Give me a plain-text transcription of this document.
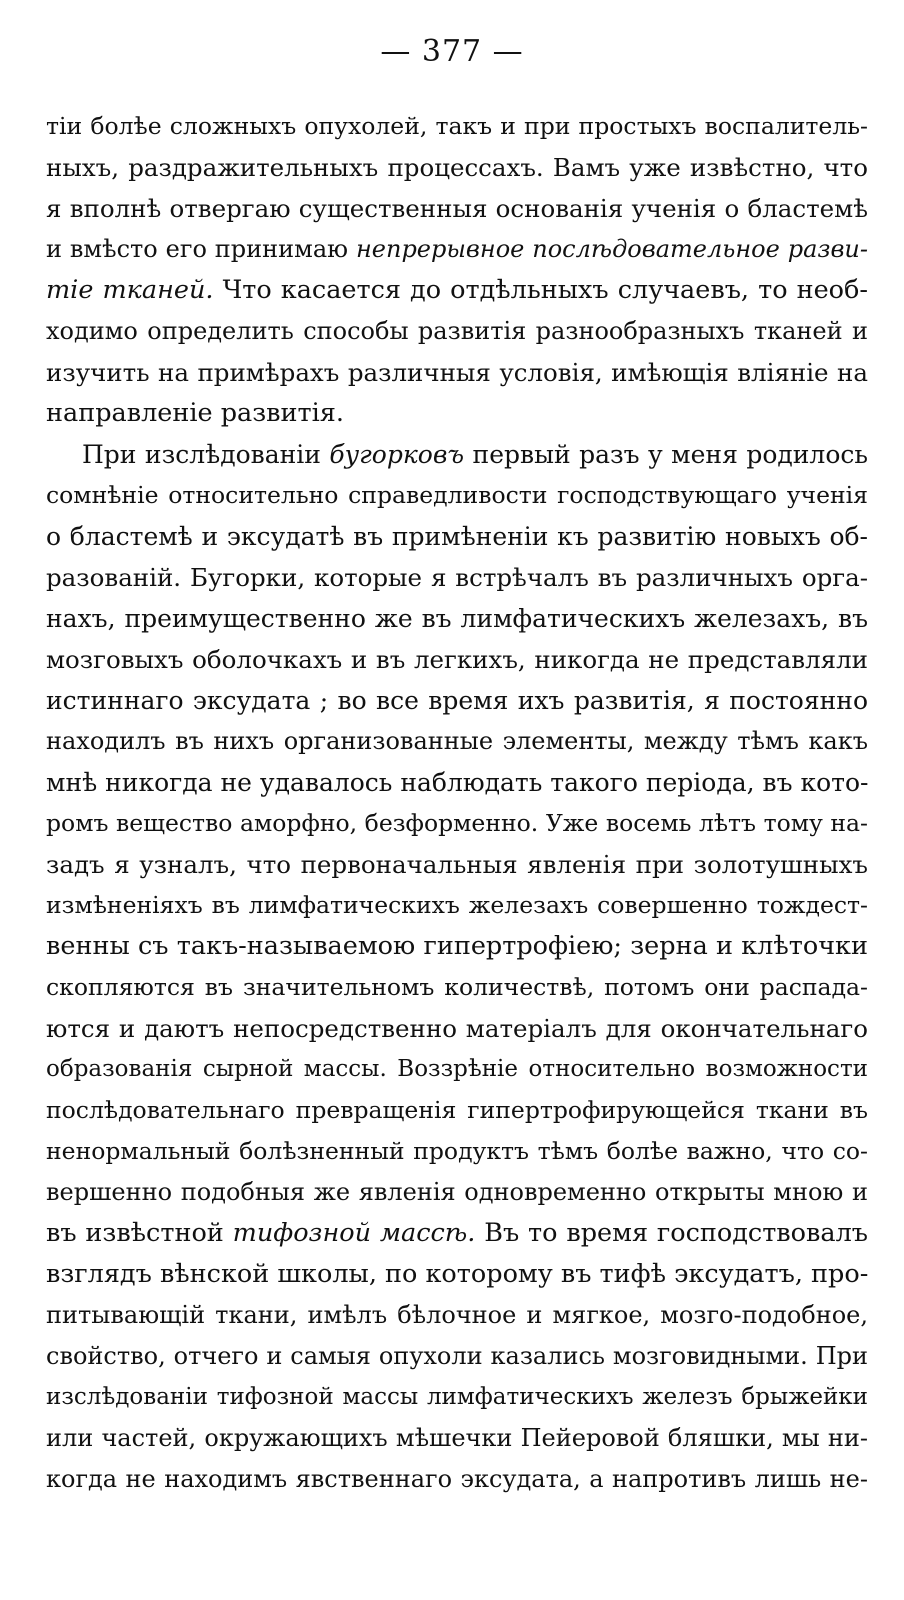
— 377 —
тіи болѣе сложныхъ опухолей, такъ и при простыхъ воспалитель-
ныхъ, раздражительныхъ процессахъ. Вамъ уже извѣстно, что
я вполнѣ отвергаю существенныя основанія ученія о бластемѣ
и вмѣсто его принимаю непрерывное послѣдовательное разви-
тіе тканей. Что касается до отдѣльныхъ случаевъ, то необ-
ходимо определить способы развитія разнообразныхъ тканей и
изучить на примѣрахъ различныя условія, имѣющія вліяніе на
направленіе развитія.
При изслѣдованіи бугорковъ первый разъ у меня родилось
сомнѣніе относительно справедливости господствующаго ученія
о бластемѣ и эксудатѣ въ примѣненіи къ развитію новыхъ об-
разованій. Бугорки, которые я встрѣчалъ въ различныхъ орга-
нахъ, преимущественно же въ лимфатическихъ железахъ, въ
мозговыхъ оболочкахъ и въ легкихъ, никогда не представляли
истиннаго эксудата ; во все время ихъ развитія, я постоянно
находилъ въ нихъ организованные элементы, между тѣмъ какъ
мнѣ никогда не удавалось наблюдать такого періода, въ кото-
ромъ вещество аморфно, безформенно. Уже восемь лѣтъ тому на-
задъ я узналъ, что первоначальныя явленія при золотушныхъ
измѣненіяхъ въ лимфатическихъ железахъ совершенно тождест-
венны съ такъ-называемою гипертрофіею; зерна и клѣточки
скопляются въ значительномъ количествѣ, потомъ они распада-
ются и даютъ непосредственно матеріалъ для окончательнаго
образованія сырной массы. Воззрѣніе относительно возможности
послѣдовательнаго превращенія гипертрофирующейся ткани въ
ненормальный болѣзненный продуктъ тѣмъ болѣе важно, что со-
вершенно подобныя же явленія одновременно открыты мною и
въ извѣстной тифозной массѣ. Въ то время господствовалъ
взглядъ вѣнской школы, по которому въ тифѣ эксудатъ, про-
питывающій ткани, имѣлъ бѣлочное и мягкое, мозго-подобное,
свойство, отчего и самыя опухоли казались мозговидными. При
изслѣдованіи тифозной массы лимфатическихъ железъ брыжейки
или частей, окружающихъ мѣшечки Пейеровой бляшки, мы ни-
когда не находимъ явственнаго эксудата, а напротивъ лишь не-
